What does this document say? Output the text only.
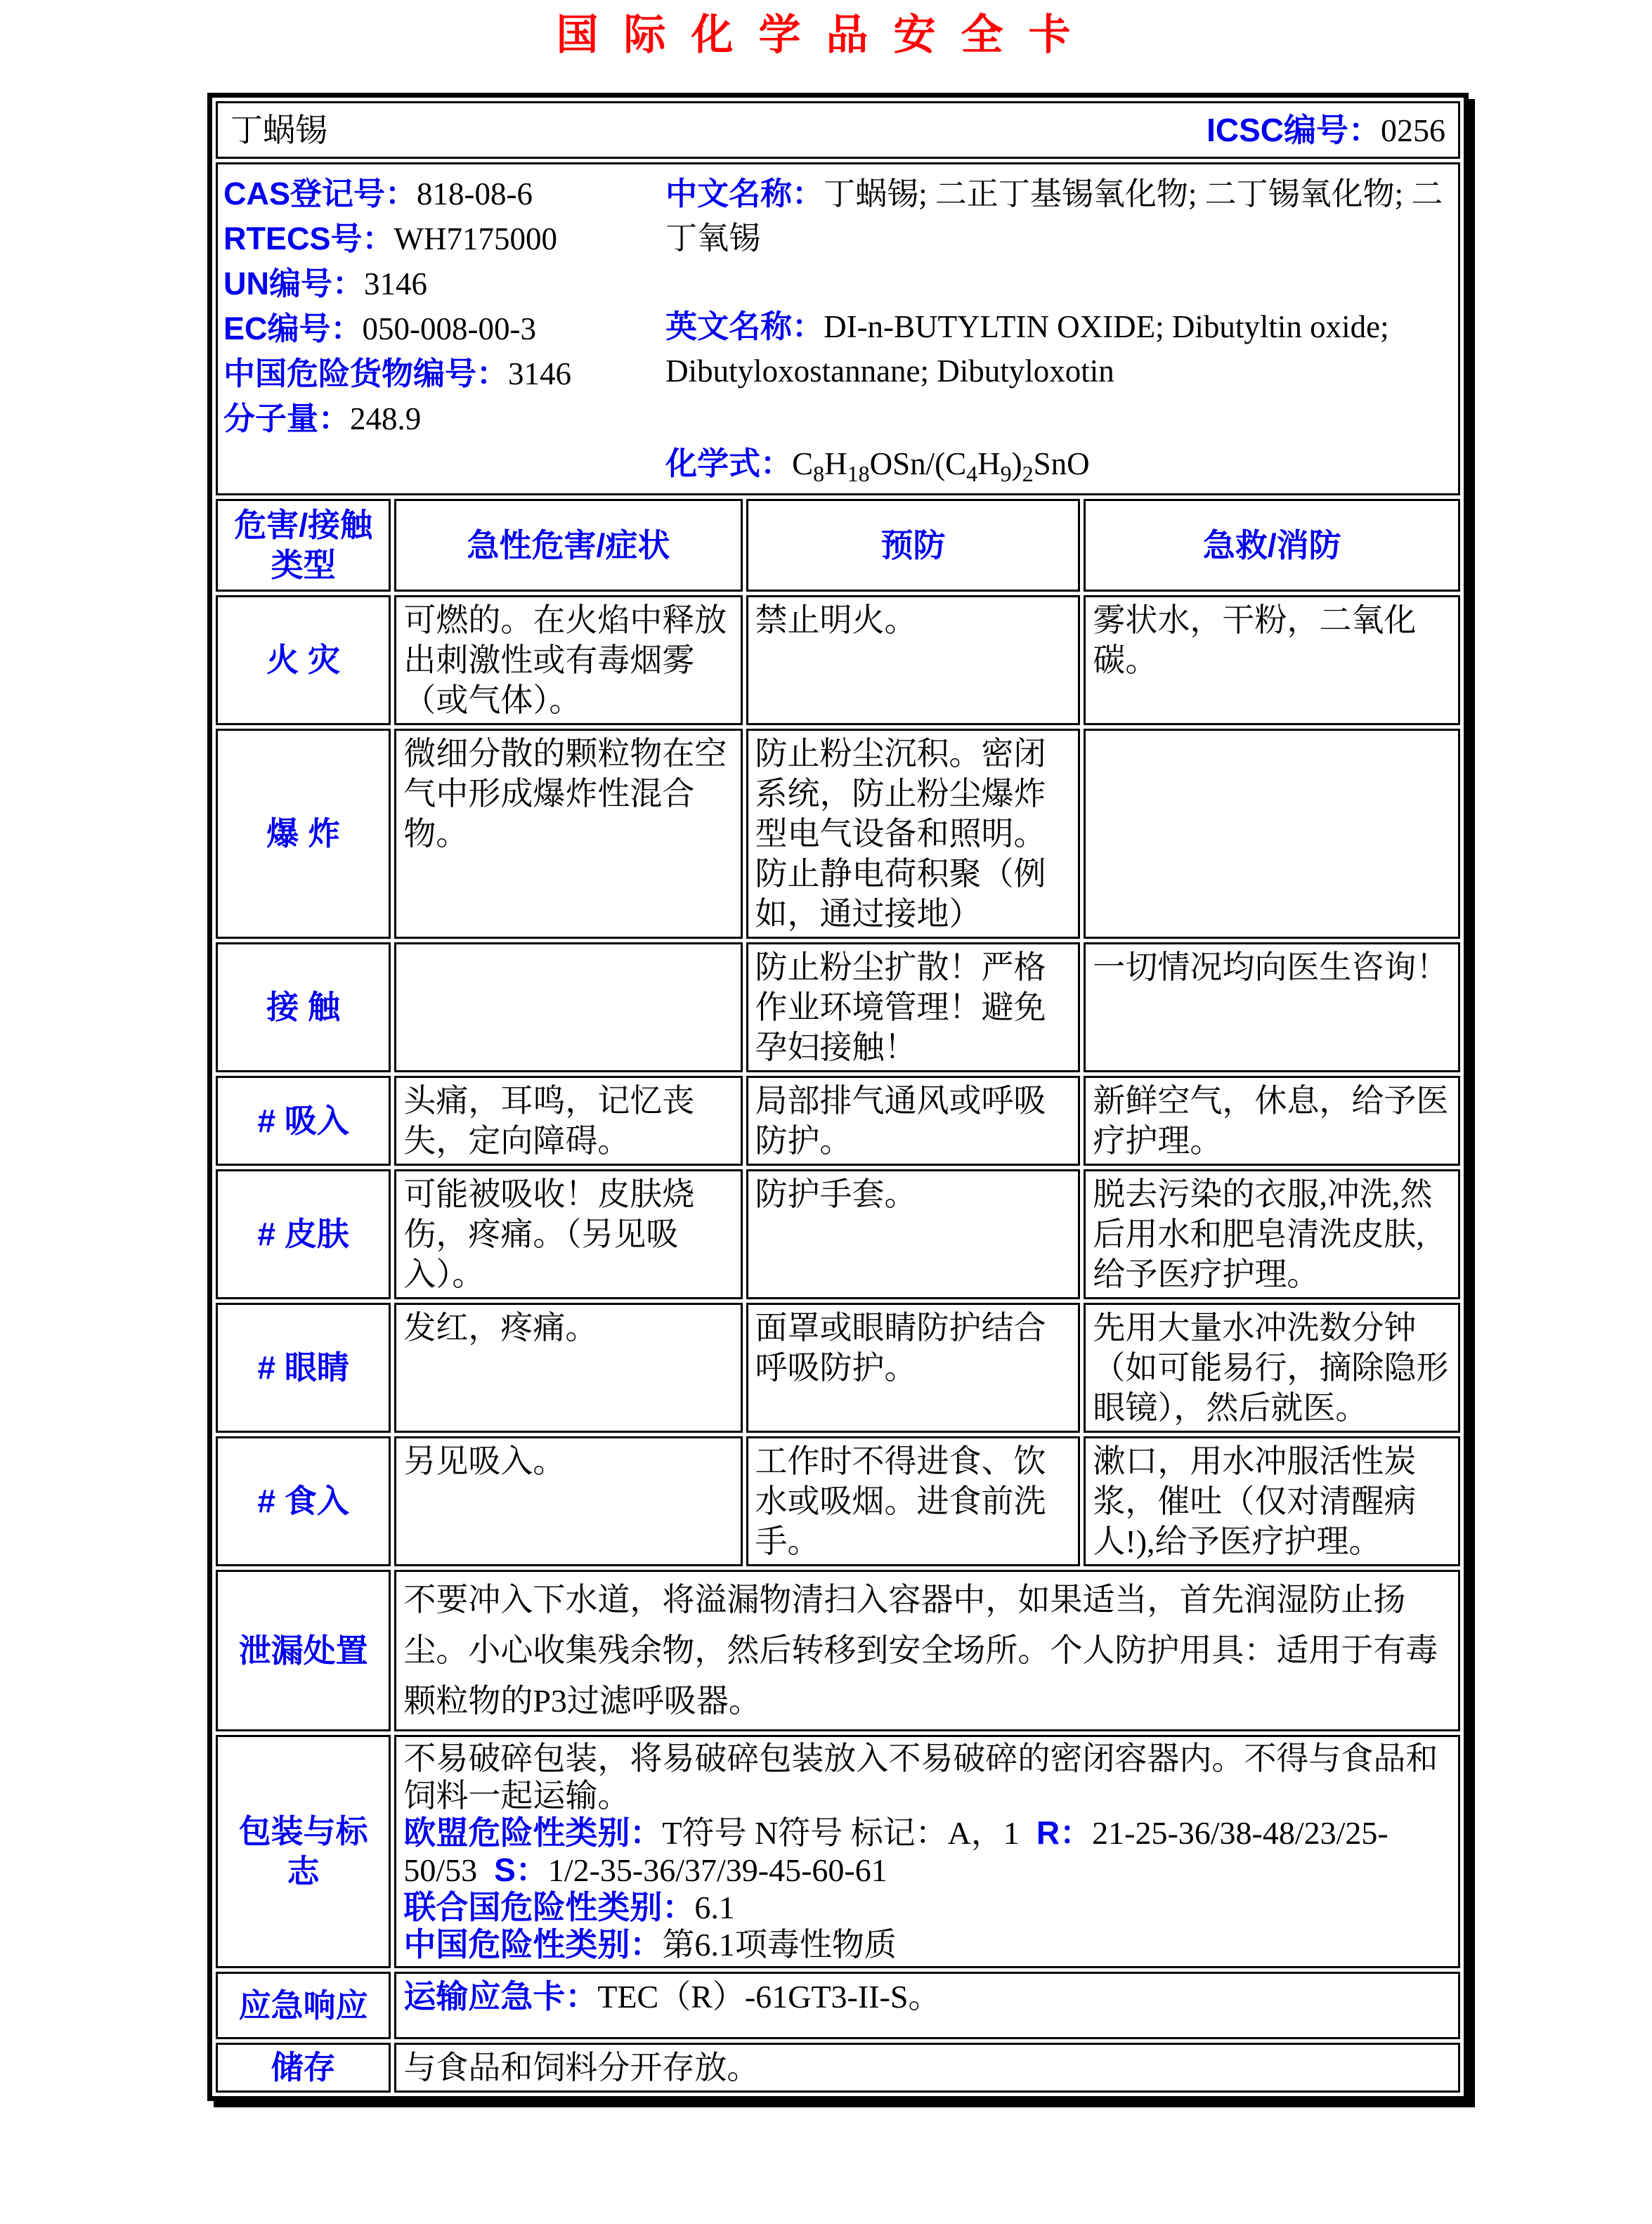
国际化学品安全卡
丁蜗锡 ICSC编号：0256			

CAS登记号：818-08-6
RTECS号：WH7175000
UN编号：3146
EC编号：050-008-00-3
中国危险货物编号：3146
分子量：248.9

中文名称：丁蜗锡; 二正丁基锡氧化物; 二丁锡氧化物; 二丁氧锡

英文名称：DI-n-BUTYLTIN OXIDE; Dibutyltin oxide; Dibutyloxostannane; Dibutyloxotin

化学式：$C_8H_{18}OSn/(C_4H_9)_2SnO$

危害/接触类型	急性危害/症状	预防	急救/消防
火 灾	可燃的。在火焰中释放出刺激性或有毒烟雾（或气体）。	禁止明火。	雾状水，干粉，二氧化碳。
爆 炸	微细分散的颗粒物在空气中形成爆炸性混合物。	防止粉尘沉积。密闭系统，防止粉尘爆炸型电气设备和照明。防止静电荷积聚（例如，通过接地）	
接 触		防止粉尘扩散！严格作业环境管理！避免孕妇接触！	一切情况均向医生咨询！
# 吸入	头痛，耳鸣，记忆丧失，定向障碍。	局部排气通风或呼吸防护。	新鲜空气，休息，给予医疗护理。
# 皮肤	可能被吸收！皮肤烧伤，疼痛。（另见吸入）。	防护手套。	脱去污染的衣服,冲洗,然后用水和肥皂清洗皮肤,给予医疗护理。
# 眼睛	发红，疼痛。	面罩或眼睛防护结合呼吸防护。	先用大量水冲洗数分钟（如可能易行，摘除隐形眼镜），然后就医。
# 食入	另见吸入。	工作时不得进食、饮水或吸烟。进食前洗手。	漱口，用水冲服活性炭浆，催吐（仅对清醒病人!),给予医疗护理。
泄漏处置	不要冲入下水道，将溢漏物清扫入容器中，如果适当，首先润湿防止扬尘。小心收集残余物，然后转移到安全场所。个人防护用具：适用于有毒颗粒物的P3过滤呼吸器。		
包装与标志	不易破碎包装，将易破碎包装放入不易破碎的密闭容器内。不得与食品和饲料一起运输。
欧盟危险性类别：T符号 N符号 标记：A，1 R：21-25-36/38-48/23/25-50/53 S：1/2-35-36/37/39-45-60-61
联合国危险性类别：6.1
中国危险性类别：第6.1项毒性物质		
应急响应	运输应急卡：TEC（R）-61GT3-II-S。		
储存	与食品和饲料分开存放。		
